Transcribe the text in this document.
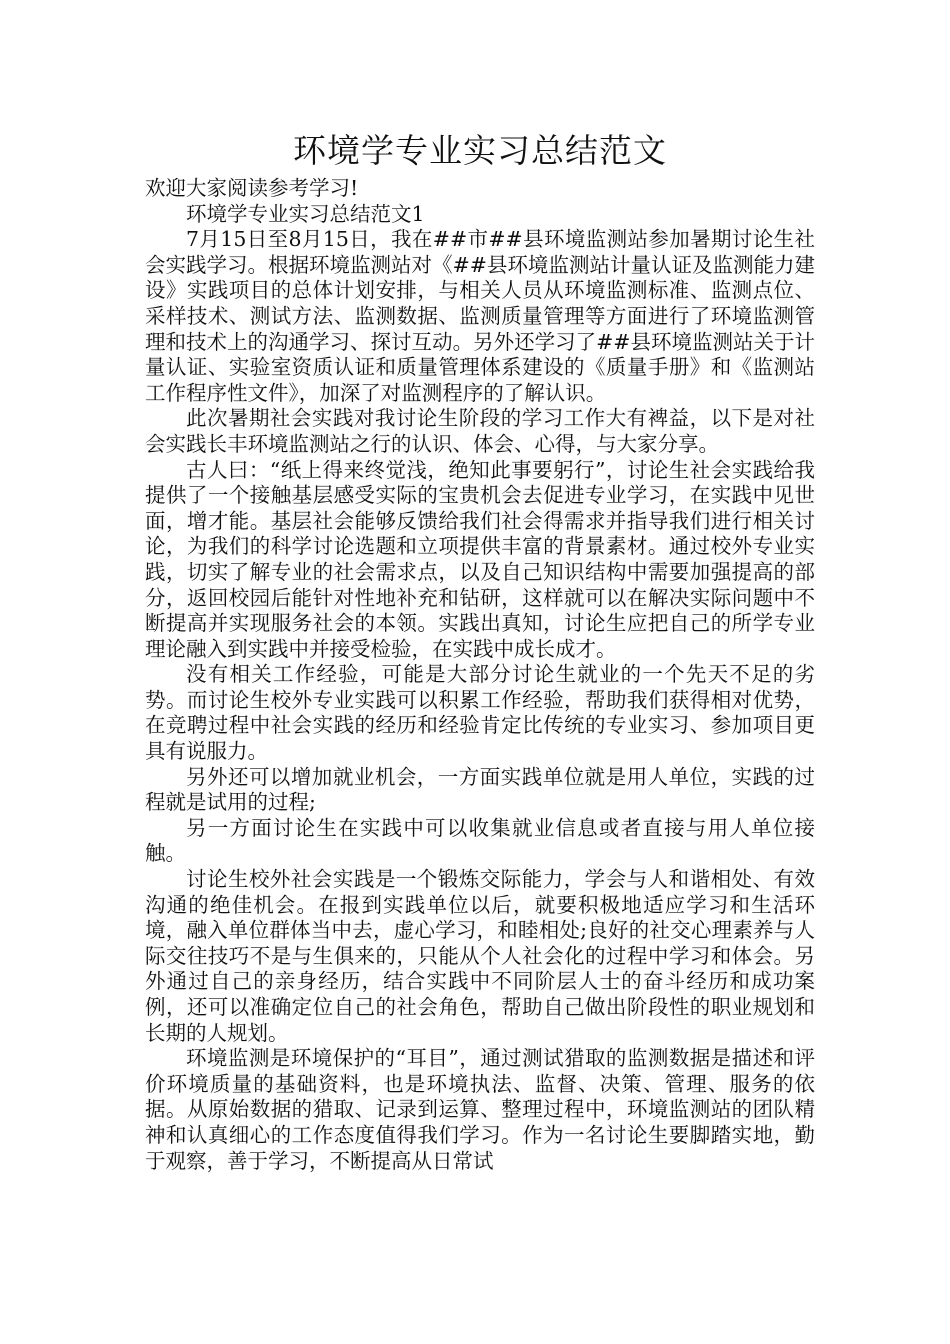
环境学专业实习总结范文

欢迎大家阅读参考学习!

环境学专业实习总结范文1

7月15日至8月15日，我在##市##县环境监测站参加暑期讨论生社会实践学习。根据环境监测站对《##县环境监测站计量认证及监测能力建设》实践项目的总体计划安排，与相关人员从环境监测标准、监测点位、采样技术、测试方法、监测数据、监测质量管理等方面进行了环境监测管理和技术上的沟通学习、探讨互动。另外还学习了##县环境监测站关于计量认证、实验室资质认证和质量管理体系建设的《质量手册》和《监测站工作程序性文件》，加深了对监测程序的了解认识。

此次暑期社会实践对我讨论生阶段的学习工作大有裨益，以下是对社会实践长丰环境监测站之行的认识、体会、心得，与大家分享。

古人曰：“纸上得来终觉浅，绝知此事要躬行”，讨论生社会实践给我提供了一个接触基层感受实际的宝贵机会去促进专业学习，在实践中见世面，增才能。基层社会能够反馈给我们社会得需求并指导我们进行相关讨论，为我们的科学讨论选题和立项提供丰富的背景素材。通过校外专业实践，切实了解专业的社会需求点，以及自己知识结构中需要加强提高的部分，返回校园后能针对性地补充和钻研，这样就可以在解决实际问题中不断提高并实现服务社会的本领。实践出真知，讨论生应把自己的所学专业理论融入到实践中并接受检验，在实践中成长成才。

没有相关工作经验，可能是大部分讨论生就业的一个先天不足的劣势。而讨论生校外专业实践可以积累工作经验，帮助我们获得相对优势，在竞聘过程中社会实践的经历和经验肯定比传统的专业实习、参加项目更具有说服力。

另外还可以增加就业机会，一方面实践单位就是用人单位，实践的过程就是试用的过程;

另一方面讨论生在实践中可以收集就业信息或者直接与用人单位接触。

讨论生校外社会实践是一个锻炼交际能力，学会与人和谐相处、有效沟通的绝佳机会。在报到实践单位以后，就要积极地适应学习和生活环境，融入单位群体当中去，虚心学习，和睦相处;良好的社交心理素养与人际交往技巧不是与生俱来的，只能从个人社会化的过程中学习和体会。另外通过自己的亲身经历，结合实践中不同阶层人士的奋斗经历和成功案例，还可以准确定位自己的社会角色，帮助自己做出阶段性的职业规划和长期的人规划。

环境监测是环境保护的“耳目”，通过测试猎取的监测数据是描述和评价环境质量的基础资料，也是环境执法、监督、决策、管理、服务的依据。从原始数据的猎取、记录到运算、整理过程中，环境监测站的团队精神和认真细心的工作态度值得我们学习。作为一名讨论生要脚踏实地，勤于观察，善于学习，不断提高从日常试
